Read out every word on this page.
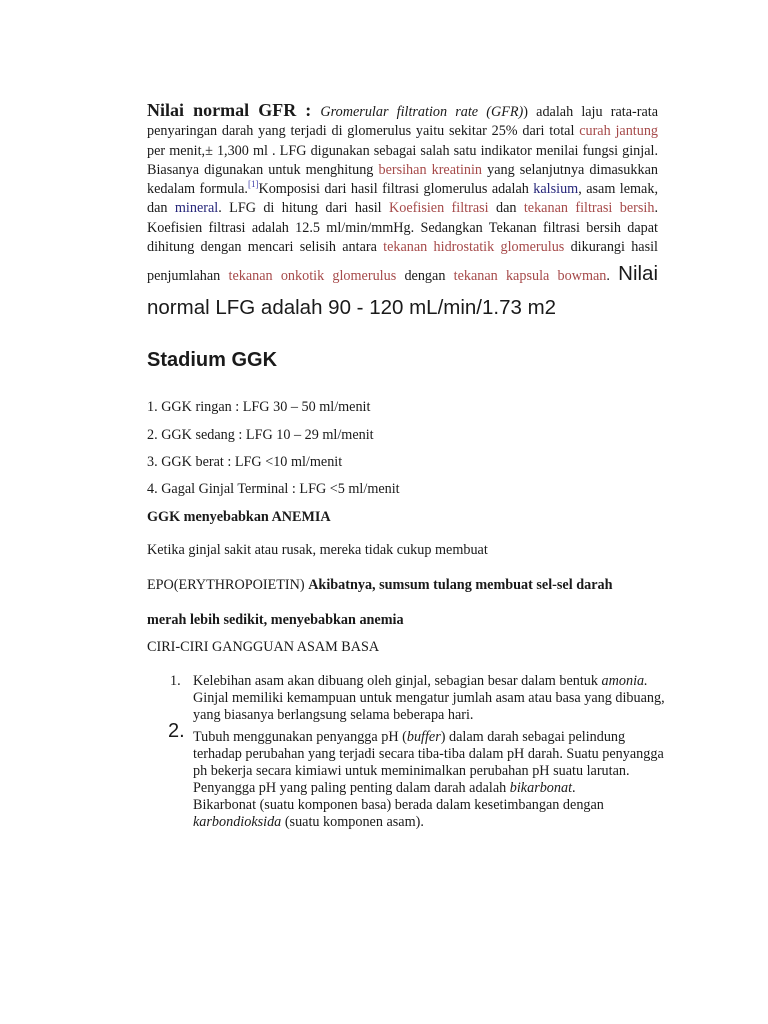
Nilai normal GFR : Gromerular filtration rate (GFR)) adalah laju rata-rata penyaringan darah yang terjadi di glomerulus yaitu sekitar 25% dari total curah jantung per menit,± 1,300 ml . LFG digunakan sebagai salah satu indikator menilai fungsi ginjal. Biasanya digunakan untuk menghitung bersihan kreatinin yang selanjutnya dimasukkan kedalam formula.[1]Komposisi dari hasil filtrasi glomerulus adalah kalsium, asam lemak, dan mineral. LFG di hitung dari hasil Koefisien filtrasi dan tekanan filtrasi bersih. Koefisien filtrasi adalah 12.5 ml/min/mmHg. Sedangkan Tekanan filtrasi bersih dapat dihitung dengan mencari selisih antara tekanan hidrostatik glomerulus dikurangi hasil penjumlahan tekanan onkotik glomerulus dengan tekanan kapsula bowman. Nilai normal LFG adalah 90 - 120 mL/min/1.73 m2
Stadium GGK
1. GGK ringan : LFG 30 – 50 ml/menit
2. GGK sedang : LFG 10 – 29 ml/menit
3. GGK berat : LFG <10 ml/menit
4. Gagal Ginjal Terminal : LFG <5 ml/menit
GGK menyebabkan ANEMIA
Ketika ginjal sakit atau rusak, mereka tidak cukup membuat
EPO(ERYTHROPOIETIN) Akibatnya, sumsum tulang membuat sel-sel darah
merah lebih sedikit, menyebabkan anemia
CIRI-CIRI GANGGUAN ASAM BASA
1. Kelebihan asam akan dibuang oleh ginjal, sebagian besar dalam bentuk amonia.
Ginjal memiliki kemampuan untuk mengatur jumlah asam atau basa yang dibuang, yang biasanya berlangsung selama beberapa hari.
2. Tubuh menggunakan penyangga pH (buffer) dalam darah sebagai pelindung terhadap perubahan yang terjadi secara tiba-tiba dalam pH darah. Suatu penyangga ph bekerja secara kimiawi untuk meminimalkan perubahan pH suatu larutan.
Penyangga pH yang paling penting dalam darah adalah bikarbonat.
Bikarbonat (suatu komponen basa) berada dalam kesetimbangan dengan karbondioksida (suatu komponen asam).
